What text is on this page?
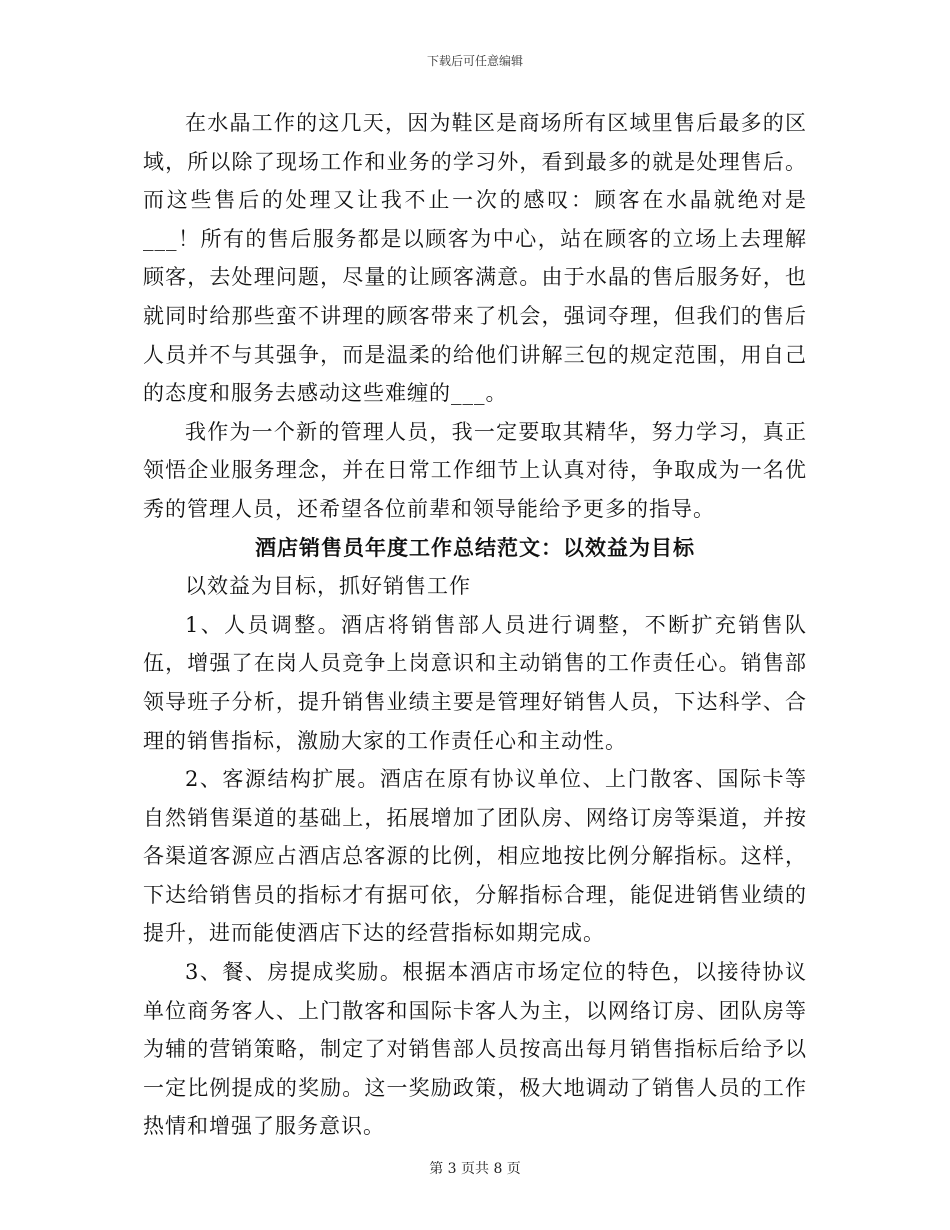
下载后可任意编辑

在水晶工作的这几天，因为鞋区是商场所有区域里售后最多的区域，所以除了现场工作和业务的学习外，看到最多的就是处理售后。而这些售后的处理又让我不止一次的感叹：顾客在水晶就绝对是___！所有的售后服务都是以顾客为中心，站在顾客的立场上去理解顾客，去处理问题，尽量的让顾客满意。由于水晶的售后服务好，也就同时给那些蛮不讲理的顾客带来了机会，强词夺理，但我们的售后人员并不与其强争，而是温柔的给他们讲解三包的规定范围，用自己的态度和服务去感动这些难缠的___。

我作为一个新的管理人员，我一定要取其精华，努力学习，真正领悟企业服务理念，并在日常工作细节上认真对待，争取成为一名优秀的管理人员，还希望各位前辈和领导能给予更多的指导。

酒店销售员年度工作总结范文：以效益为目标

以效益为目标，抓好销售工作

1、人员调整。酒店将销售部人员进行调整，不断扩充销售队伍，增强了在岗人员竞争上岗意识和主动销售的工作责任心。销售部领导班子分析，提升销售业绩主要是管理好销售人员，下达科学、合理的销售指标，激励大家的工作责任心和主动性。

2、客源结构扩展。酒店在原有协议单位、上门散客、国际卡等自然销售渠道的基础上，拓展增加了团队房、网络订房等渠道，并按各渠道客源应占酒店总客源的比例，相应地按比例分解指标。这样，下达给销售员的指标才有据可依，分解指标合理，能促进销售业绩的提升，进而能使酒店下达的经营指标如期完成。

3、餐、房提成奖励。根据本酒店市场定位的特色，以接待协议单位商务客人、上门散客和国际卡客人为主，以网络订房、团队房等为辅的营销策略，制定了对销售部人员按高出每月销售指标后给予以一定比例提成的奖励。这一奖励政策，极大地调动了销售人员的工作热情和增强了服务意识。

第 3 页共 8 页
